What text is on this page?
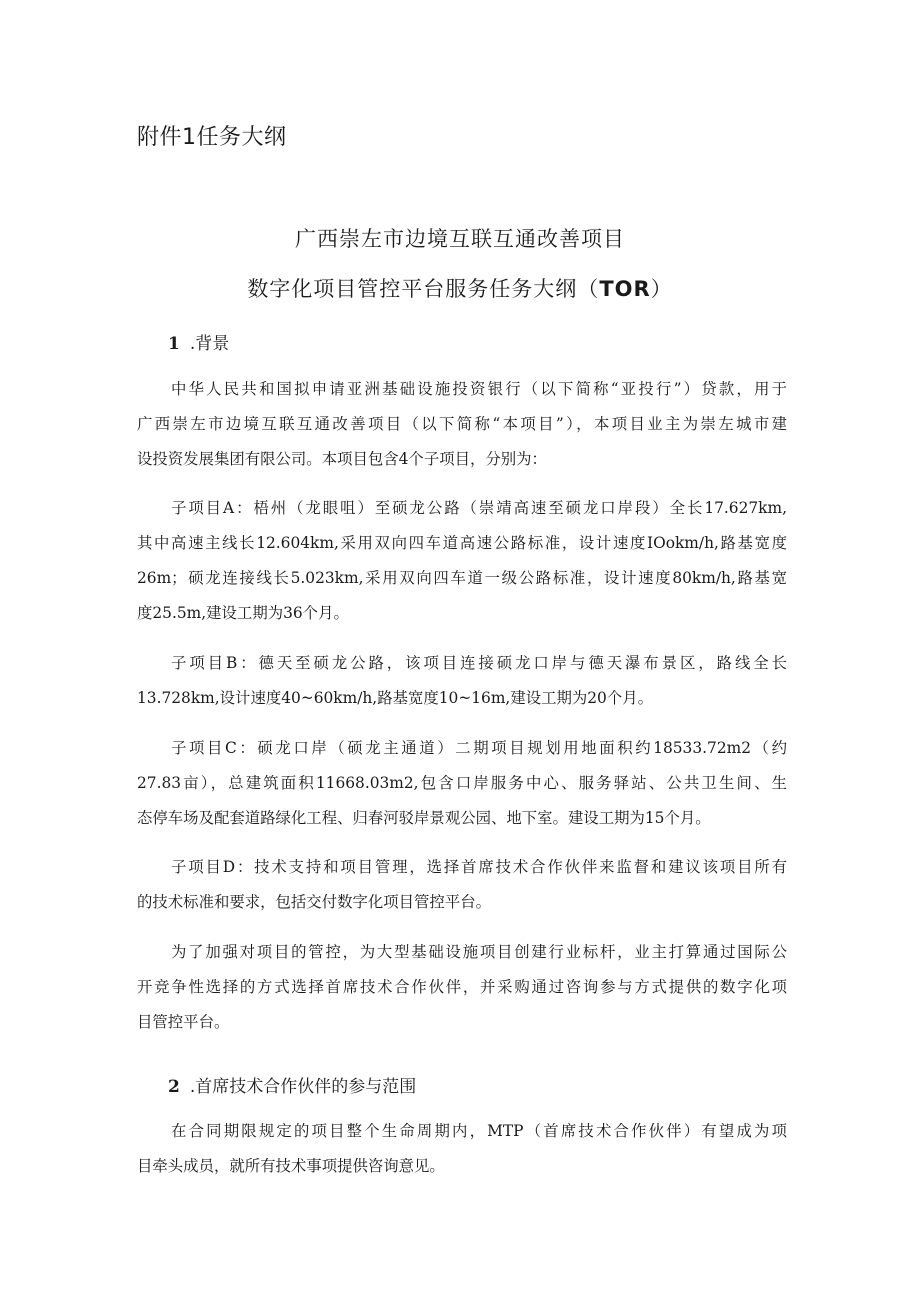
附件1任务大纲
广西崇左市边境互联互通改善项目
数字化项目管控平台服务任务大纲（TOR）
1 .背景

中华人民共和国拟申请亚洲基础设施投资银行（以下简称“亚投行”）贷款，用于
广西崇左市边境互联互通改善项目（以下简称“本项目”），本项目业主为崇左城市建
设投资发展集团有限公司。本项目包含4个子项目，分别为：

子项目A：梧州（龙眼咀）至硕龙公路（崇靖高速至硕龙口岸段）全长17.627km,
其中高速主线长12.604km,采用双向四车道高速公路标准，设计速度IOokm∕h,路基宽度
26m；硕龙连接线长5.023km,采用双向四车道一级公路标准，设计速度80km∕h,路基宽
度25.5m,建设工期为36个月。

子项目B：德天至硕龙公路，该项目连接硕龙口岸与德天瀑布景区，路线全长
13.728km,设计速度40~60km∕h,路基宽度10~16m,建设工期为20个月。

子项目C：硕龙口岸（硕龙主通道）二期项目规划用地面积约18533.72m2（约
27.83亩），总建筑面积11668.03m2,包含口岸服务中心、服务驿站、公共卫生间、生
态停车场及配套道路绿化工程、归春河驳岸景观公园、地下室。建设工期为15个月。

子项目D：技术支持和项目管理，选择首席技术合作伙伴来监督和建议该项目所有
的技术标准和要求，包括交付数字化项目管控平台。

为了加强对项目的管控，为大型基础设施项目创建行业标杆，业主打算通过国际公
开竞争性选择的方式选择首席技术合作伙伴，并采购通过咨询参与方式提供的数字化项
目管控平台。

2 .首席技术合作伙伴的参与范围

在合同期限规定的项目整个生命周期内，MTP（首席技术合作伙伴）有望成为项
目牵头成员，就所有技术事项提供咨询意见。
